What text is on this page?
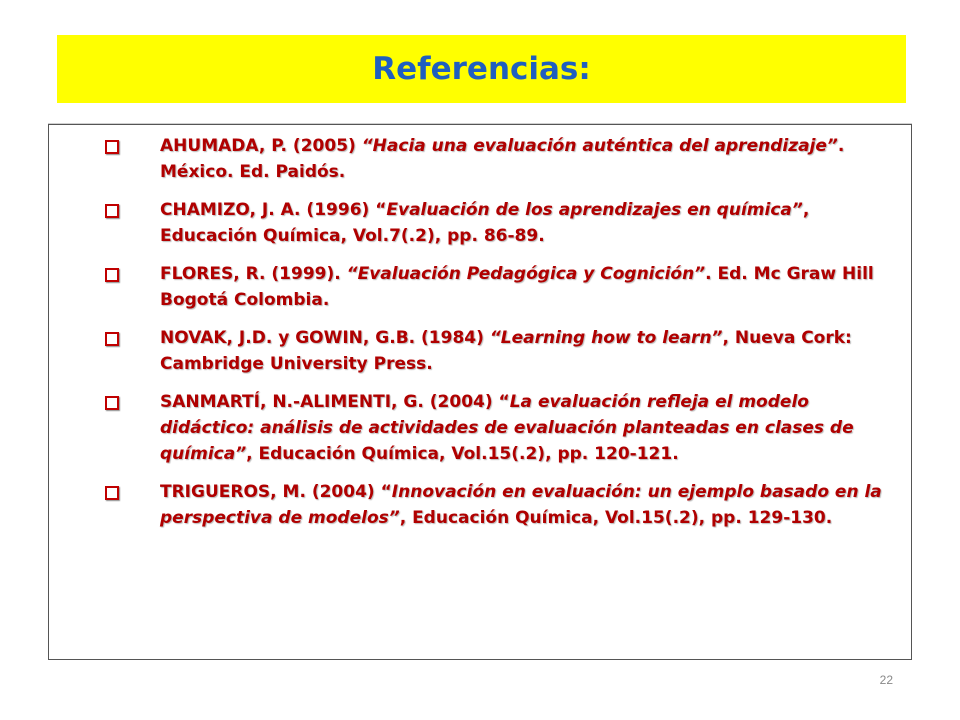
Referencias:
AHUMADA, P. (2005) “Hacia una evaluación auténtica del aprendizaje”. México. Ed. Paidós.
CHAMIZO, J. A. (1996) “Evaluación de los aprendizajes en química”, Educación Química, Vol.7(.2), pp. 86-89.
FLORES, R. (1999). “Evaluación Pedagógica y Cognición”. Ed. Mc Graw Hill Bogotá Colombia.
NOVAK, J.D. y GOWIN, G.B. (1984) “Learning how to learn”, Nueva Cork: Cambridge University Press.
SANMARTÍ, N.-ALIMENTI, G. (2004) “La evaluación refleja el modelo didáctico: análisis de actividades de evaluación planteadas en clases de química”, Educación Química, Vol.15(.2), pp. 120-121.
TRIGUEROS, M. (2004) “Innovación en evaluación: un ejemplo basado en la perspectiva de modelos”, Educación Química, Vol.15(.2), pp. 129-130.
22
